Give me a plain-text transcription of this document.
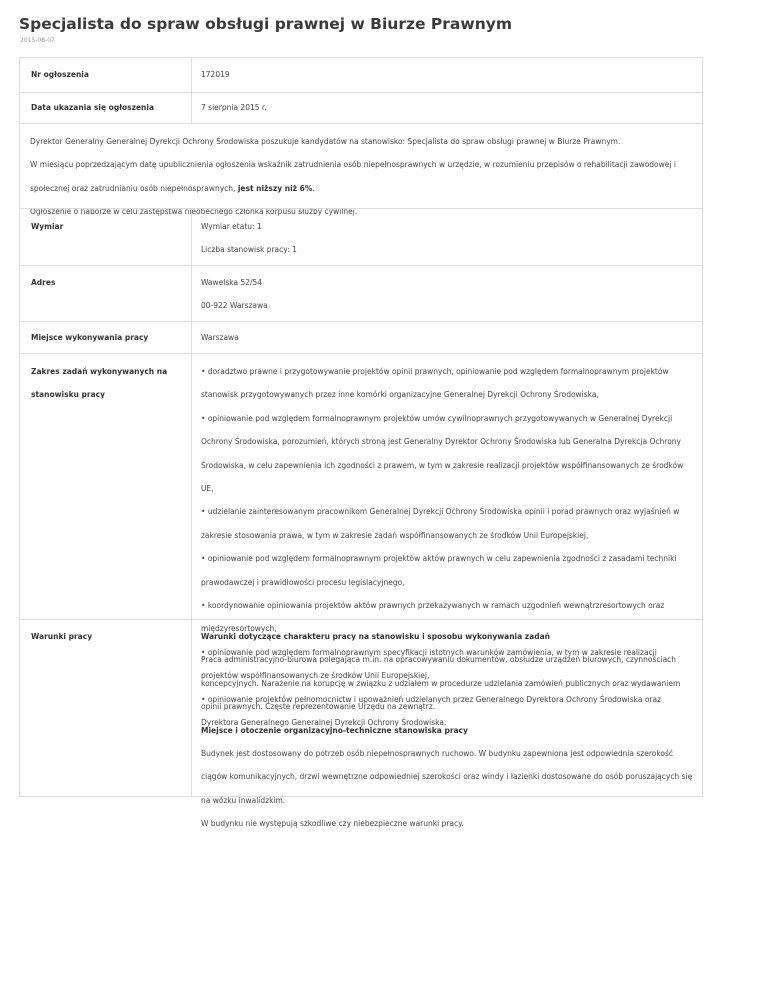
Specjalista do spraw obsługi prawnej w Biurze Prawnym
2015-08-07
Nr ogłoszenia	172019
Data ukazania się ogłoszenia	7 sierpnia 2015 r.

Dyrektor Generalny Generalnej Dyrekcji Ochrony Środowiska poszukuje kandydatów na stanowisko: Specjalista do spraw obsługi prawnej w Biurze Prawnym.

W miesiącu poprzedzającym datę upublicznienia ogłoszenia wskaźnik zatrudnienia osób niepełnosprawnych w urzędzie, w rozumieniu przepisów o rehabilitacji zawodowej i społecznej oraz zatrudnianiu osób niepełnosprawnych, jest niższy niż 6%.

Ogłoszenie o naborze w celu zastępstwa nieobecnego członka korpusu służby cywilnej.

Wymiar	Wymiar etatu: 1

Liczba stanowisk pracy: 1

Adres	Wawelska 52/54

00-922 Warszawa

Miejsce wykonywania pracy	Warszawa
Zakres zadań wykonywanych na stanowisku pracy

• doradztwo prawne i przygotowywanie projektów opinii prawnych, opiniowanie pod względem formalnoprawnym projektów stanowisk przygotowywanych przez inne komórki organizacyjne Generalnej Dyrekcji Ochrony Środowiska,

• opiniowanie pod względem formalnoprawnym projektów umów cywilnoprawnych przygotowywanych w Generalnej Dyrekcji Ochrony Środowiska, porozumień, których stroną jest Generalny Dyrektor Ochrony Środowiska lub Generalna Dyrekcja Ochrony Środowiska, w celu zapewnienia ich zgodności z prawem, w tym w zakresie realizacji projektów współfinansowanych ze środków UE,

• udzielanie zainteresowanym pracownikom Generalnej Dyrekcji Ochrony Środowiska opinii i porad prawnych oraz wyjaśnień w zakresie stosowania prawa, w tym w zakresie zadań współfinansowanych ze środków Unii Europejskiej,

• opiniowanie pod względem formalnoprawnym projektów aktów prawnych w celu zapewnienia zgodności z zasadami techniki prawodawczej i prawidłowości procesu legislacyjnego,

• koordynowanie opiniowania projektów aktów prawnych przekazywanych w ramach uzgodnień wewnątrzresortowych oraz międzyresortowych,

• opiniowanie pod względem formalnoprawnym specyfikacji istotnych warunków zamówienia, w tym w zakresie realizacji projektów współfinansowanych ze środków Unii Europejskiej,

• opiniowanie projektów pełnomocnictw i upoważnień udzielanych przez Generalnego Dyrektora Ochrony Środowiska oraz Dyrektora Generalnego Generalnej Dyrekcji Ochrony Środowiska.

Warunki pracy	Warunki dotyczące charakteru pracy na stanowisku i sposobu wykonywania zadań

Praca administracyjno-biurowa polegająca m.in. na opracowywaniu dokumentów, obsłudze urządzeń biurowych, czynnościach koncepcyjnych. Narażenie na korupcję w związku z udziałem w procedurze udzielania zamówień publicznych oraz wydawaniem opinii prawnych. Częste reprezentowanie Urzędu na zewnątrz.

Miejsce i otoczenie organizacyjno-techniczne stanowiska pracy

Budynek jest dostosowany do potrzeb osób niepełnosprawnych ruchowo. W budynku zapewniona jest odpowiednia szerokość ciągów komunikacyjnych, drzwi wewnętrzne odpowiedniej szerokości oraz windy i łazienki dostosowane do osób poruszających się na wózku inwalidzkim.

W budynku nie występują szkodliwe czy niebezpieczne warunki pracy.
